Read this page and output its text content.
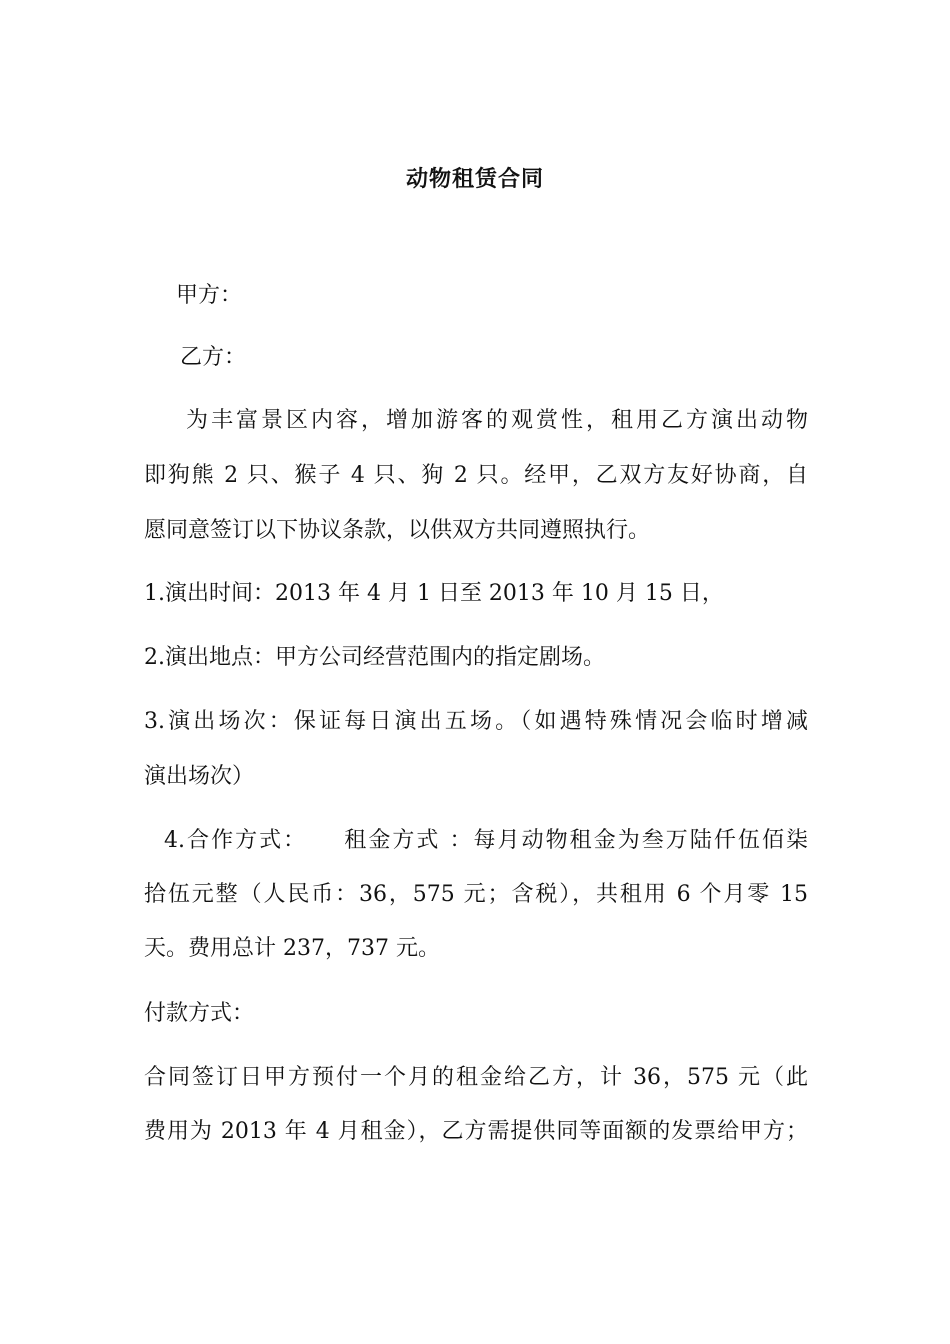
动物租赁合同
甲方：
乙方：
为丰富景区内容，增加游客的观赏性，租用乙方演出动物
即狗熊 2 只、猴子 4 只、狗 2 只。经甲，乙双方友好协商，自
愿同意签订以下协议条款，以供双方共同遵照执行。
1.演出时间：2013 年 4 月 1 日至 2013 年 10 月 15 日，
2.演出地点：甲方公司经营范围内的指定剧场。
3.演出场次：保证每日演出五场。（如遇特殊情况会临时增减
演出场次）
4.合作方式：　　租金方式 ：每月动物租金为叁万陆仟伍佰柒
拾伍元整（人民币：36，575 元；含税），共租用 6 个月零 15
天。费用总计 237，737 元。
付款方式：
合同签订日甲方预付一个月的租金给乙方，计 36，575 元（此
费用为 2013 年 4 月租金），乙方需提供同等面额的发票给甲方；
